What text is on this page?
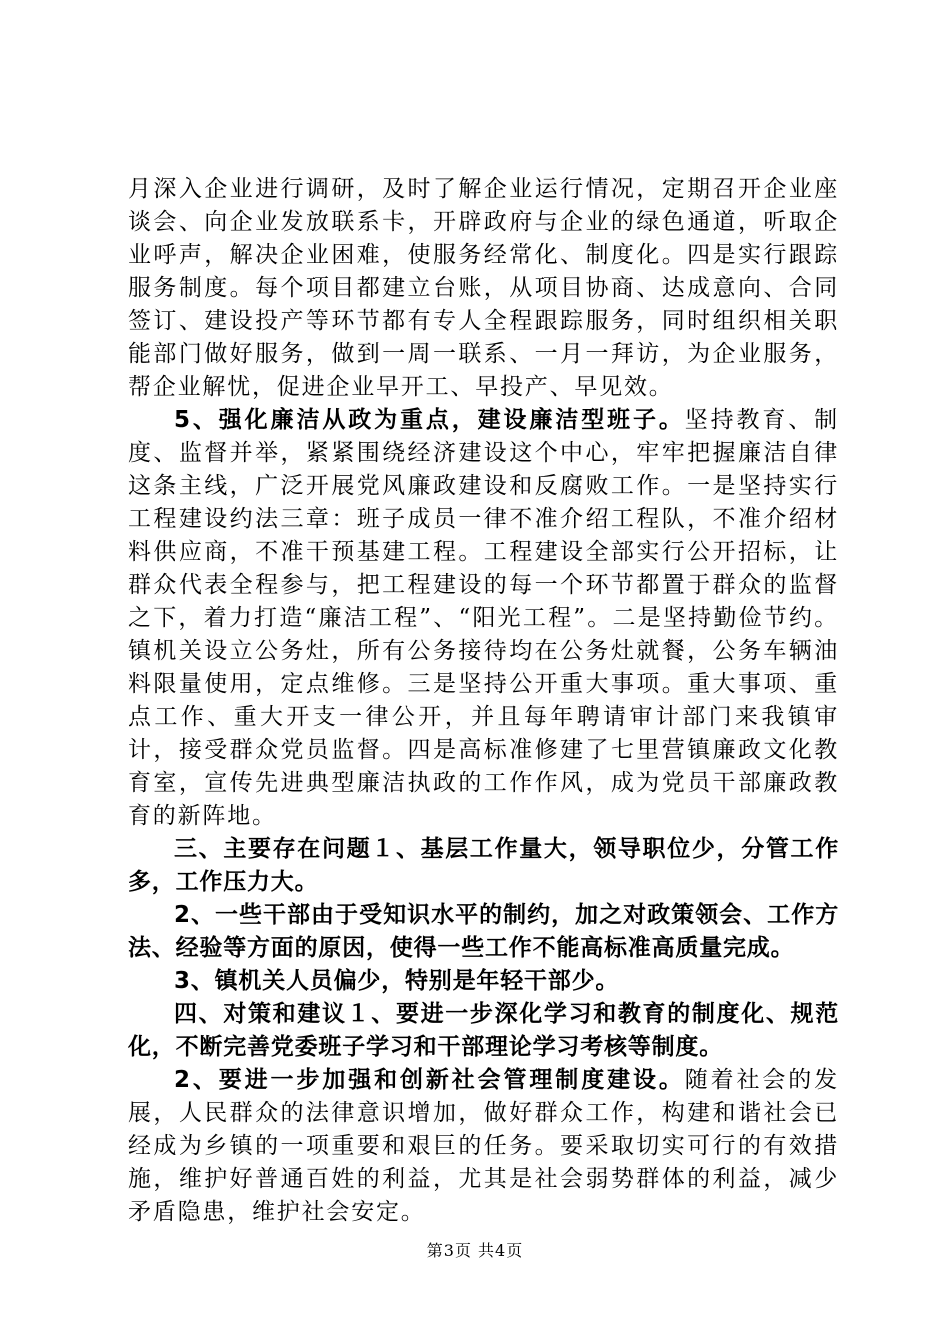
月深入企业进行调研，及时了解企业运行情况，定期召开企业座谈会、向企业发放联系卡，开辟政府与企业的绿色通道，听取企业呼声，解决企业困难，使服务经常化、制度化。四是实行跟踪服务制度。每个项目都建立台账，从项目协商、达成意向、合同签订、建设投产等环节都有专人全程跟踪服务，同时组织相关职能部门做好服务，做到一周一联系、一月一拜访，为企业服务，帮企业解忧，促进企业早开工、早投产、早见效。

5、强化廉洁从政为重点，建设廉洁型班子。坚持教育、制度、监督并举，紧紧围绕经济建设这个中心，牢牢把握廉洁自律这条主线，广泛开展党风廉政建设和反腐败工作。一是坚持实行工程建设约法三章：班子成员一律不准介绍工程队，不准介绍材料供应商，不准干预基建工程。工程建设全部实行公开招标，让群众代表全程参与，把工程建设的每一个环节都置于群众的监督之下，着力打造“廉洁工程”、“阳光工程”。二是坚持勤俭节约。镇机关设立公务灶，所有公务接待均在公务灶就餐，公务车辆油料限量使用，定点维修。三是坚持公开重大事项。重大事项、重点工作、重大开支一律公开，并且每年聘请审计部门来我镇审计，接受群众党员监督。四是高标准修建了七里营镇廉政文化教育室，宣传先进典型廉洁执政的工作作风，成为党员干部廉政教育的新阵地。

三、主要存在问题１、基层工作量大，领导职位少，分管工作多，工作压力大。

2、一些干部由于受知识水平的制约，加之对政策领会、工作方法、经验等方面的原因，使得一些工作不能高标准高质量完成。

3、镇机关人员偏少，特别是年轻干部少。

四、对策和建议１、要进一步深化学习和教育的制度化、规范化，不断完善党委班子学习和干部理论学习考核等制度。

2、要进一步加强和创新社会管理制度建设。随着社会的发展，人民群众的法律意识增加，做好群众工作，构建和谐社会已经成为乡镇的一项重要和艰巨的任务。要采取切实可行的有效措施，维护好普通百姓的利益，尤其是社会弱势群体的利益，减少矛盾隐患，维护社会安定。

第3页 共4页
